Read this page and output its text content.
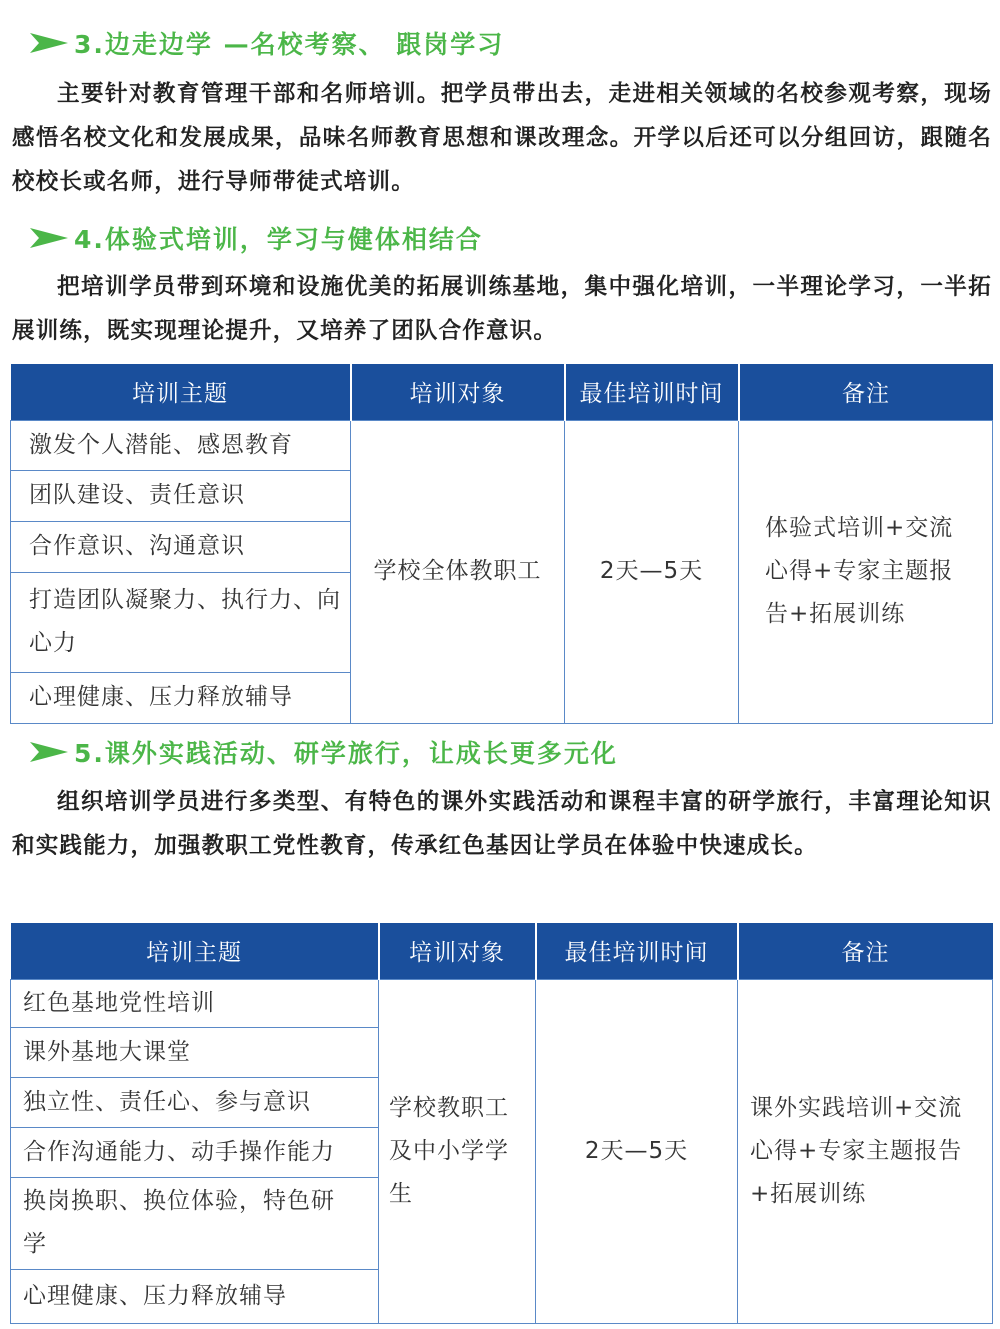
3.边走边学 —名校考察、 跟岗学习

主要针对教育管理干部和名师培训。把学员带出去，走进相关领域的名校参观考察，现场感悟名校文化和发展成果，品味名师教育思想和课改理念。开学以后还可以分组回访，跟随名校校长或名师，进行导师带徒式培训。

4.体验式培训，学习与健体相结合

把培训学员带到环境和设施优美的拓展训练基地，集中强化培训，一半理论学习，一半拓展训练，既实现理论提升，又培养了团队合作意识。

培训主题	培训对象	最佳培训时间	备注
激发个人潜能、感恩教育	学校全体教职工	2天—5天	体验式培训+交流心得+专家主题报告+拓展训练
团队建设、责任意识			
合作意识、沟通意识			
打造团队凝聚力、执行力、向心力			
心理健康、压力释放辅导			
5.课外实践活动、研学旅行，让成长更多元化

组织培训学员进行多类型、有特色的课外实践活动和课程丰富的研学旅行，丰富理论知识和实践能力，加强教职工党性教育，传承红色基因让学员在体验中快速成长。

培训主题	培训对象	最佳培训时间	备注
红色基地党性培训	学校教职工及中小学学生	2天—5天	课外实践培训+交流心得+专家主题报告+拓展训练
课外基地大课堂			
独立性、责任心、参与意识			
合作沟通能力、动手操作能力			
换岗换职、换位体验，特色研学			
心理健康、压力释放辅导			
